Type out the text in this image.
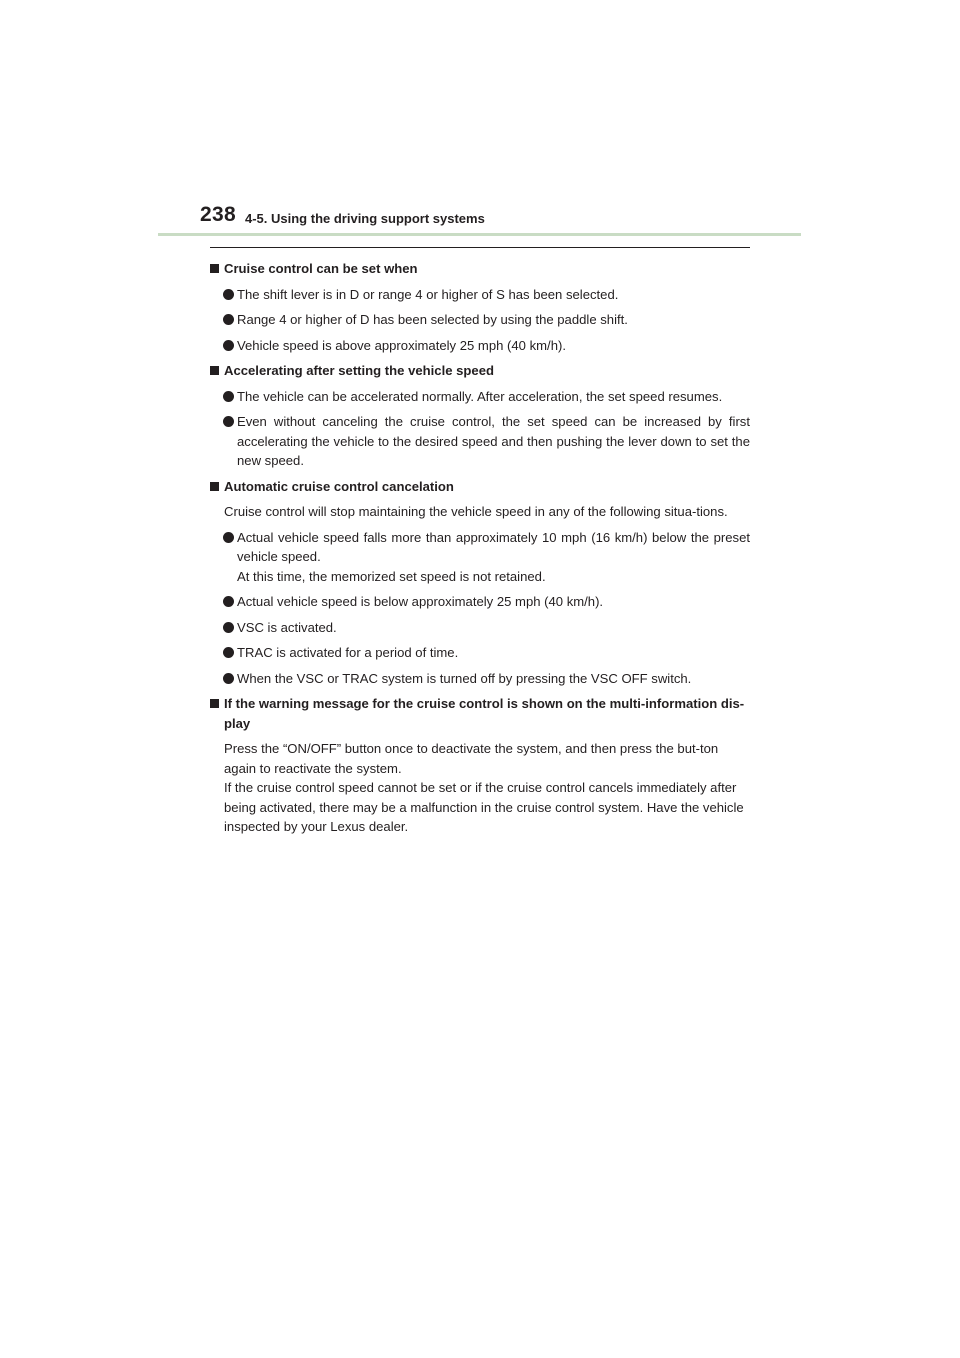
238 4-5. Using the driving support systems
Cruise control can be set when
The shift lever is in D or range 4 or higher of S has been selected.
Range 4 or higher of D has been selected by using the paddle shift.
Vehicle speed is above approximately 25 mph (40 km/h).
Accelerating after setting the vehicle speed
The vehicle can be accelerated normally. After acceleration, the set speed resumes.
Even without canceling the cruise control, the set speed can be increased by first accelerating the vehicle to the desired speed and then pushing the lever down to set the new speed.
Automatic cruise control cancelation
Cruise control will stop maintaining the vehicle speed in any of the following situa-tions.
Actual vehicle speed falls more than approximately 10 mph (16 km/h) below the preset vehicle speed.
At this time, the memorized set speed is not retained.
Actual vehicle speed is below approximately 25 mph (40 km/h).
VSC is activated.
TRAC is activated for a period of time.
When the VSC or TRAC system is turned off by pressing the VSC OFF switch.
If the warning message for the cruise control is shown on the multi-information dis-play
Press the “ON/OFF” button once to deactivate the system, and then press the but-ton again to reactivate the system.
If the cruise control speed cannot be set or if the cruise control cancels immediately after being activated, there may be a malfunction in the cruise control system. Have the vehicle inspected by your Lexus dealer.
